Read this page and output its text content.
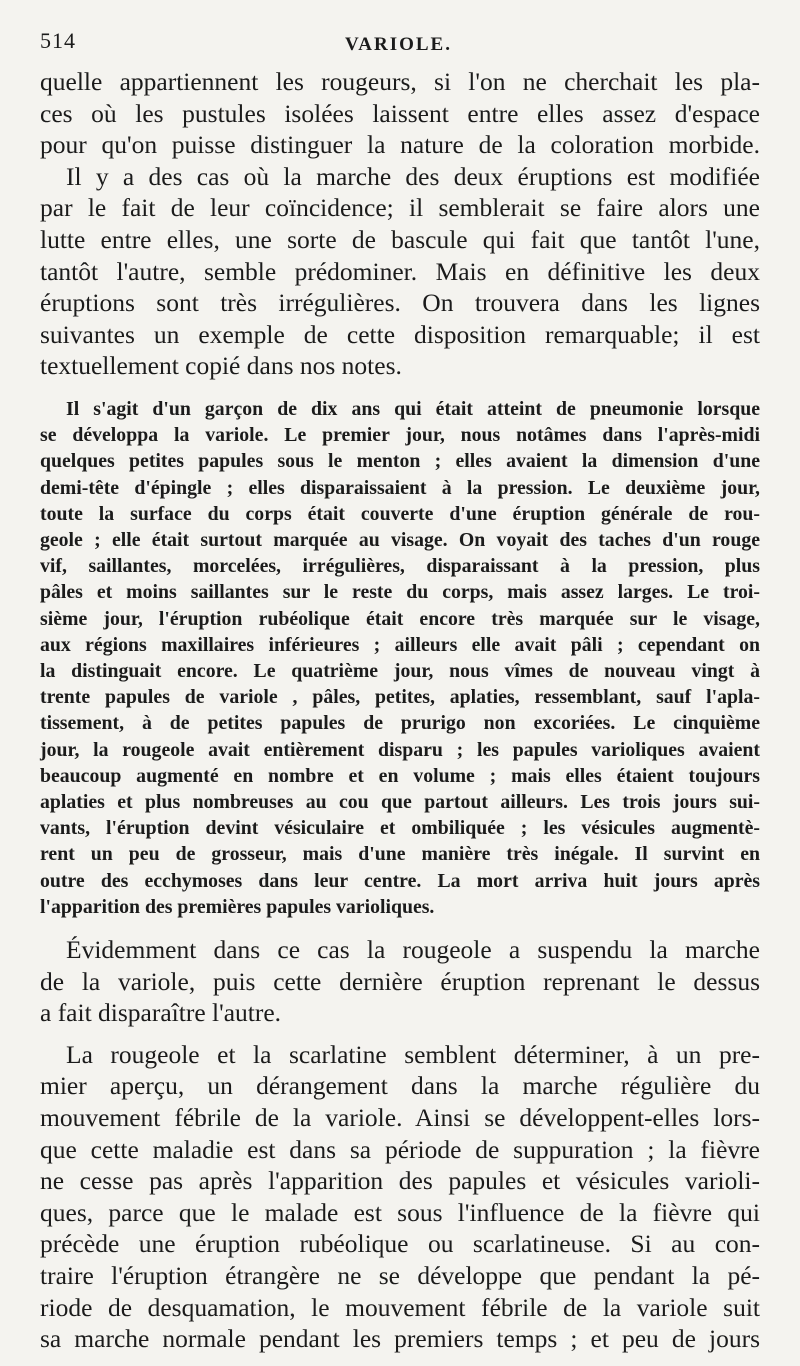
514	VARIOLE.
quelle appartiennent les rougeurs, si l'on ne cherchait les pla-
ces où les pustules isolées laissent entre elles assez d'espace
pour qu'on puisse distinguer la nature de la coloration morbide.
Il y a des cas où la marche des deux éruptions est modifiée
par le fait de leur coïncidence; il semblerait se faire alors une
lutte entre elles, une sorte de bascule qui fait que tantôt l'une,
tantôt l'autre, semble prédominer. Mais en définitive les deux
éruptions sont très irrégulières. On trouvera dans les lignes
suivantes un exemple de cette disposition remarquable; il est
textuellement copié dans nos notes.
Il s'agit d'un garçon de dix ans qui était atteint de pneumonie lorsque
se développa la variole. Le premier jour, nous notâmes dans l'après-midi
quelques petites papules sous le menton ; elles avaient la dimension d'une
demi-tête d'épingle ; elles disparaissaient à la pression. Le deuxième jour,
toute la surface du corps était couverte d'une éruption générale de rou-
geole ; elle était surtout marquée au visage. On voyait des taches d'un rouge
vif, saillantes, morcelées, irrégulières, disparaissant à la pression, plus
pâles et moins saillantes sur le reste du corps, mais assez larges. Le troi-
sième jour, l'éruption rubéolique était encore très marquée sur le visage,
aux régions maxillaires inférieures ; ailleurs elle avait pâli ; cependant on
la distinguait encore. Le quatrième jour, nous vîmes de nouveau vingt à
trente papules de variole , pâles, petites, aplaties, ressemblant, sauf l'apla-
tissement, à de petites papules de prurigo non excoriées. Le cinquième
jour, la rougeole avait entièrement disparu ; les papules varioliques avaient
beaucoup augmenté en nombre et en volume ; mais elles étaient toujours
aplaties et plus nombreuses au cou que partout ailleurs. Les trois jours sui-
vants, l'éruption devint vésiculaire et ombiliquée ; les vésicules augmentè-
rent un peu de grosseur, mais d'une manière très inégale. Il survint en
outre des ecchymoses dans leur centre. La mort arriva huit jours après
l'apparition des premières papules varioliques.
Évidemment dans ce cas la rougeole a suspendu la marche
de la variole, puis cette dernière éruption reprenant le dessus
a fait disparaître l'autre.
La rougeole et la scarlatine semblent déterminer, à un pre-
mier aperçu, un dérangement dans la marche régulière du
mouvement fébrile de la variole. Ainsi se développent-elles lors-
que cette maladie est dans sa période de suppuration ; la fièvre
ne cesse pas après l'apparition des papules et vésicules varioli-
ques, parce que le malade est sous l'influence de la fièvre qui
précède une éruption rubéolique ou scarlatineuse. Si au con-
traire l'éruption étrangère ne se développe que pendant la pé-
riode de desquamation, le mouvement fébrile de la variole suit
sa marche normale pendant les premiers temps ; et peu de jours
